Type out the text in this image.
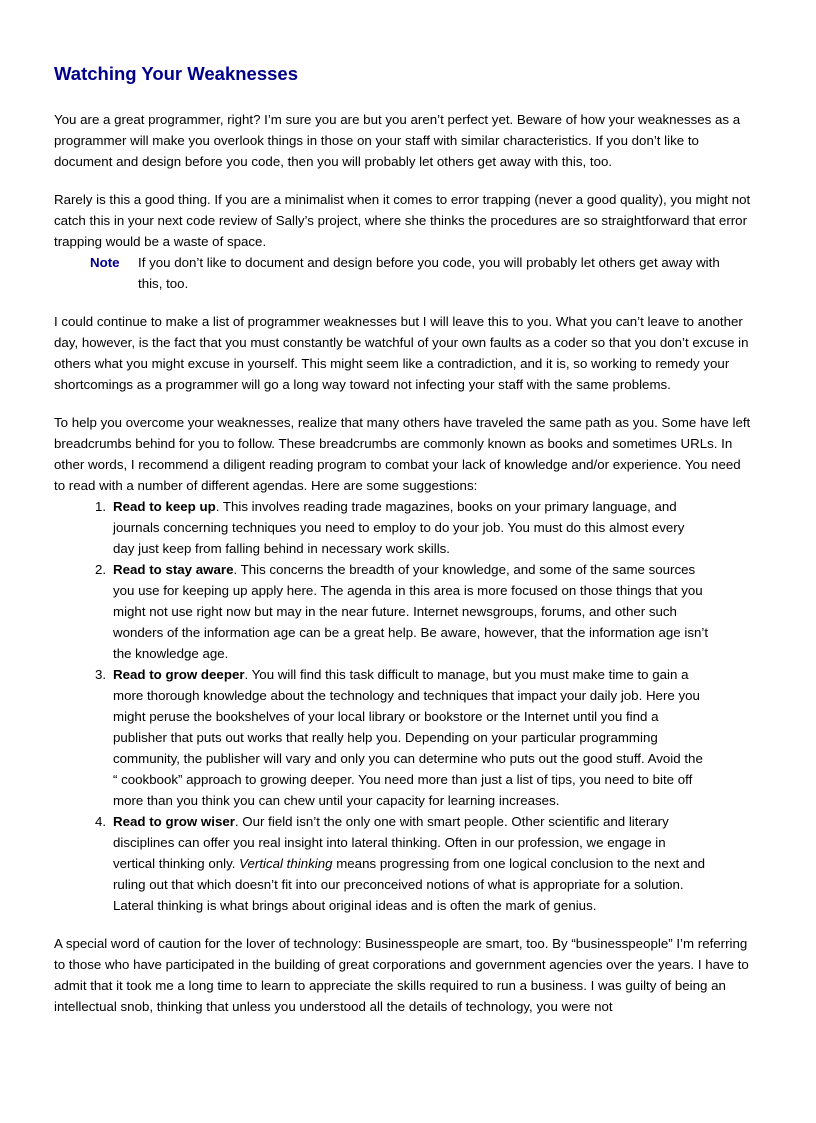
Watching Your Weaknesses

You are a great programmer, right? I’m sure you are but you aren’t perfect yet. Beware of how your weaknesses as a programmer will make you overlook things in those on your staff with similar characteristics. If you don’t like to document and design before you code, then you will probably let others get away with this, too.

Rarely is this a good thing. If you are a minimalist when it comes to error trapping (never a good quality), you might not catch this in your next code review of Sally’s project, where she thinks the procedures are so straightforward that error trapping would be a waste of space.

Note	If you don’t like to document and design before you code, you will probably let others get away with this, too.

I could continue to make a list of programmer weaknesses but I will leave this to you. What you can’t leave to another day, however, is the fact that you must constantly be watchful of your own faults as a coder so that you don’t excuse in others what you might excuse in yourself. This might seem like a contradiction, and it is, so working to remedy your shortcomings as a programmer will go a long way toward not infecting your staff with the same problems.

To help you overcome your weaknesses, realize that many others have traveled the same path as you. Some have left breadcrumbs behind for you to follow. These breadcrumbs are commonly known as books and sometimes URLs. In other words, I recommend a diligent reading program to combat your lack of knowledge and/or experience. You need to read with a number of different agendas. Here are some suggestions:

1. Read to keep up. This involves reading trade magazines, books on your primary language, and journals concerning techniques you need to employ to do your job. You must do this almost every day just keep from falling behind in necessary work skills.
2. Read to stay aware. This concerns the breadth of your knowledge, and some of the same sources you use for keeping up apply here. The agenda in this area is more focused on those things that you might not use right now but may in the near future. Internet newsgroups, forums, and other such wonders of the information age can be a great help. Be aware, however, that the information age isn’t the knowledge age.
3. Read to grow deeper. You will find this task difficult to manage, but you must make time to gain a more thorough knowledge about the technology and techniques that impact your daily job. Here you might peruse the bookshelves of your local library or bookstore or the Internet until you find a publisher that puts out works that really help you. Depending on your particular programming community, the publisher will vary and only you can determine who puts out the good stuff. Avoid the “ cookbook” approach to growing deeper. You need more than just a list of tips, you need to bite off more than you think you can chew until your capacity for learning increases.
4. Read to grow wiser. Our field isn’t the only one with smart people. Other scientific and literary disciplines can offer you real insight into lateral thinking. Often in our profession, we engage in vertical thinking only. Vertical thinking means progressing from one logical conclusion to the next and ruling out that which doesn’t fit into our preconceived notions of what is appropriate for a solution. Lateral thinking is what brings about original ideas and is often the mark of genius.

A special word of caution for the lover of technology: Businesspeople are smart, too. By “businesspeople” I’m referring to those who have participated in the building of great corporations and government agencies over the years. I have to admit that it took me a long time to learn to appreciate the skills required to run a business. I was guilty of being an intellectual snob, thinking that unless you understood all the details of technology, you were not
